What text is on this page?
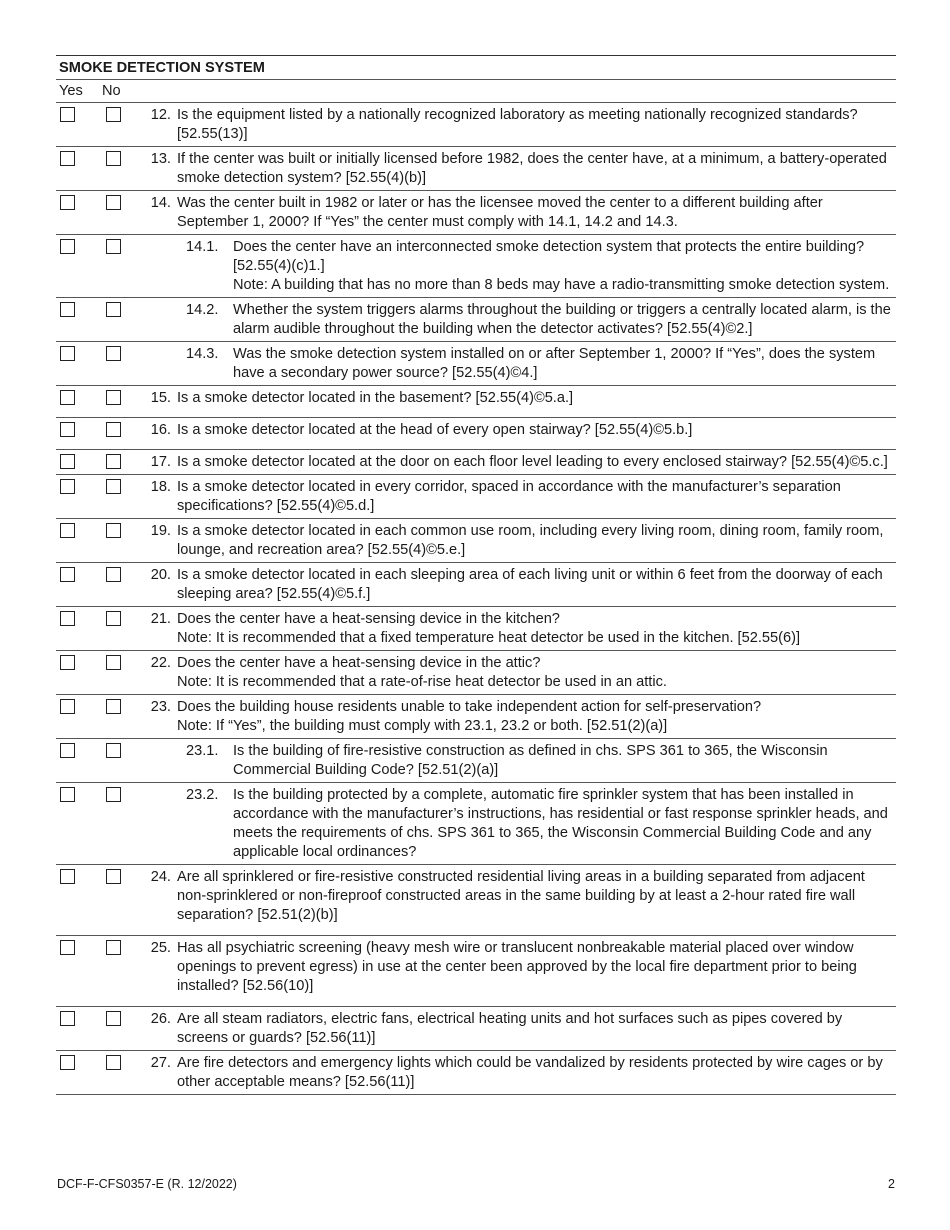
SMOKE DETECTION SYSTEM
Yes	No
12. Is the equipment listed by a nationally recognized laboratory as meeting nationally recognized standards? [52.55(13)]
13. If the center was built or initially licensed before 1982, does the center have, at a minimum, a battery-operated smoke detection system? [52.55(4)(b)]
14. Was the center built in 1982 or later or has the licensee moved the center to a different building after September 1, 2000? If “Yes” the center must comply with 14.1, 14.2 and 14.3.
14.1. Does the center have an interconnected smoke detection system that protects the entire building? [52.55(4)(c)1.]
Note: A building that has no more than 8 beds may have a radio-transmitting smoke detection system.
14.2. Whether the system triggers alarms throughout the building or triggers a centrally located alarm, is the alarm audible throughout the building when the detector activates? [52.55(4)©2.]
14.3. Was the smoke detection system installed on or after September 1, 2000? If “Yes”, does the system have a secondary power source? [52.55(4)©4.]
15. Is a smoke detector located in the basement? [52.55(4)©5.a.]
16. Is a smoke detector located at the head of every open stairway? [52.55(4)©5.b.]
17. Is a smoke detector located at the door on each floor level leading to every enclosed stairway? [52.55(4)©5.c.]
18. Is a smoke detector located in every corridor, spaced in accordance with the manufacturer’s separation specifications? [52.55(4)©5.d.]
19. Is a smoke detector located in each common use room, including every living room, dining room, family room, lounge, and recreation area? [52.55(4)©5.e.]
20. Is a smoke detector located in each sleeping area of each living unit or within 6 feet from the doorway of each sleeping area? [52.55(4)©5.f.]
21. Does the center have a heat-sensing device in the kitchen?
Note: It is recommended that a fixed temperature heat detector be used in the kitchen. [52.55(6)]
22. Does the center have a heat-sensing device in the attic?
Note: It is recommended that a rate-of-rise heat detector be used in an attic.
23. Does the building house residents unable to take independent action for self-preservation?
Note: If “Yes”, the building must comply with 23.1, 23.2 or both. [52.51(2)(a)]
23.1. Is the building of fire-resistive construction as defined in chs. SPS 361 to 365, the Wisconsin Commercial Building Code? [52.51(2)(a)]
23.2. Is the building protected by a complete, automatic fire sprinkler system that has been installed in accordance with the manufacturer’s instructions, has residential or fast response sprinkler heads, and meets the requirements of chs. SPS 361 to 365, the Wisconsin Commercial Building Code and any applicable local ordinances?
24. Are all sprinklered or fire-resistive constructed residential living areas in a building separated from adjacent non-sprinklered or non-fireproof constructed areas in the same building by at least a 2-hour rated fire wall separation? [52.51(2)(b)]
25. Has all psychiatric screening (heavy mesh wire or translucent nonbreakable material placed over window openings to prevent egress) in use at the center been approved by the local fire department prior to being installed? [52.56(10)]
26. Are all steam radiators, electric fans, electrical heating units and hot surfaces such as pipes covered by screens or guards? [52.56(11)]
27. Are fire detectors and emergency lights which could be vandalized by residents protected by wire cages or by other acceptable means? [52.56(11)]
DCF-F-CFS0357-E (R. 12/2022)	2
